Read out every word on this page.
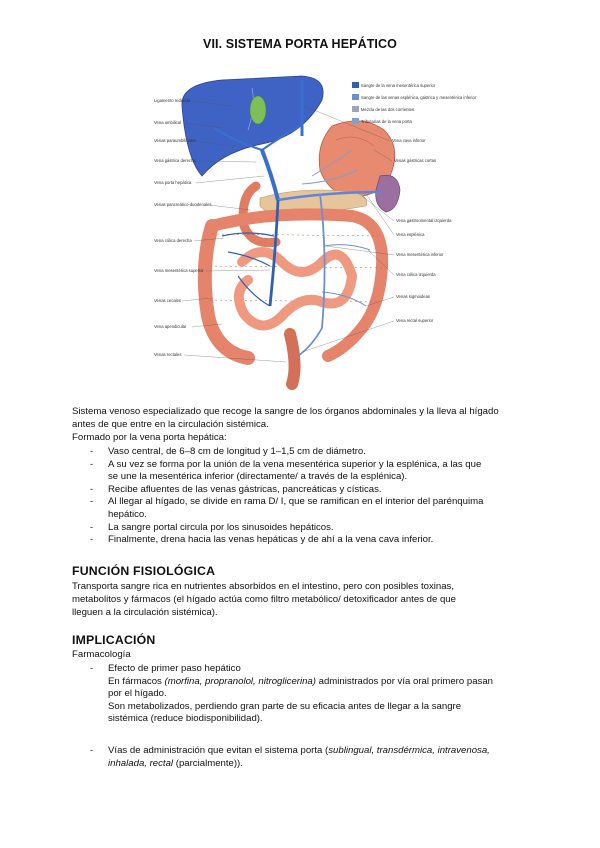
VII. SISTEMA PORTA HEPÁTICO
Sangre de la vena mesentérica superior
Sangre de las venas esplénica, gástrica y mesentérica inferior
Mezcla de las dos corrientes
Tributarias de la vena porta
Ligamento redondo
Vena umbilical
Venas paraumbilicales
Vena gástrica derecha
Vena porta hepática
Venas pancreático-duodenales
Vena cólica derecha
Vena mesentérica superior
Venas cecales
Vena apendicular
Venas rectales
Vena cava inferior
Venas gástricas cortas
Vena gastroomental izquierda
Vena esplénica
Vena mesentérica inferior
Vena cólica izquierda
Venas sigmoideas
Vena rectal superior
Sistema venoso especializado que recoge la sangre de los órganos abdominales y la lleva al hígado
antes de que entre en la circulación sistémica.
Formado por la vena porta hepática:
- Vaso central, de 6–8 cm de longitud y 1–1,5 cm de diámetro.
- A su vez se forma por la unión de la vena mesentérica superior y la esplénica, a las que
se une la mesentérica inferior (directamente/ a través de la esplénica).
- Recibe afluentes de las venas gástricas, pancreáticas y císticas.
- Al llegar al hígado, se divide en rama D/ I, que se ramifican en el interior del parénquima
hepático.
- La sangre portal circula por los sinusoides hepáticos.
- Finalmente, drena hacia las venas hepáticas y de ahí a la vena cava inferior.
FUNCIÓN FISIOLÓGICA
Transporta sangre rica en nutrientes absorbidos en el intestino, pero con posibles toxinas,
metabolitos y fármacos (el hígado actúa como filtro metabólico/ detoxificador antes de que
lleguen a la circulación sistémica).
IMPLICACIÓN
Farmacología
- Efecto de primer paso hepático
En fármacos (morfina, propranolol, nitroglicerina) administrados por vía oral primero pasan
por el hígado.
Son metabolizados, perdiendo gran parte de su eficacia antes de llegar a la sangre
sistémica (reduce biodisponibilidad).
- Vías de administración que evitan el sistema porta (sublingual, transdérmica, intravenosa,
inhalada, rectal (parcialmente)).
